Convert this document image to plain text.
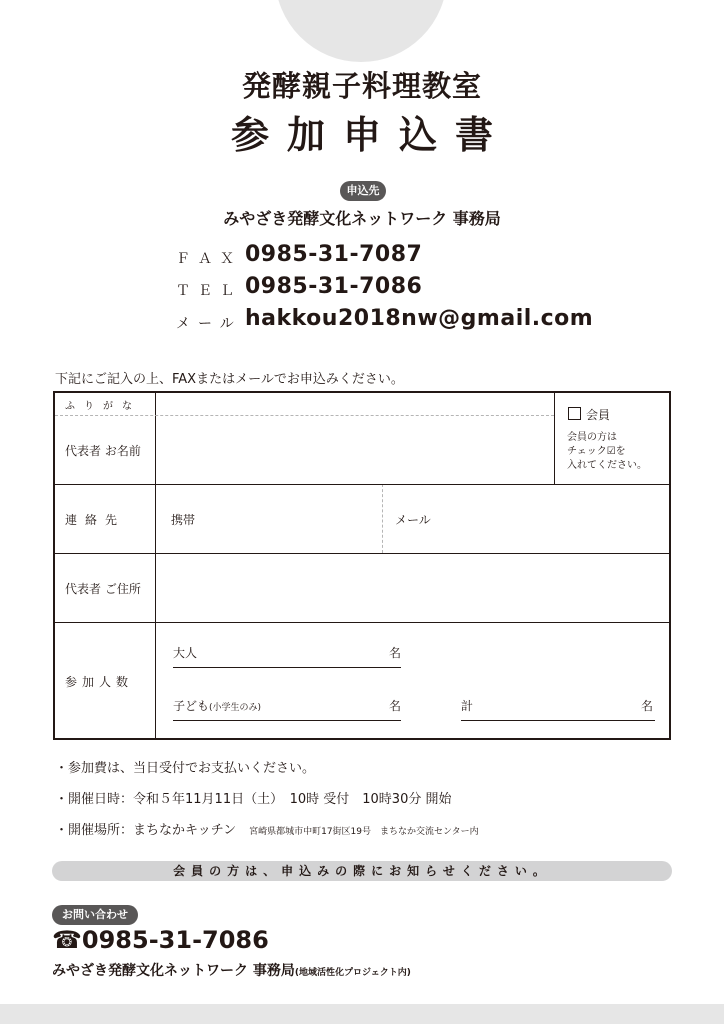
発酵親子料理教室
参加申込書
申込先
みやざき発酵文化ネットワーク 事務局
ＦＡＸ 0985-31-7087
ＴＥＬ 0985-31-7086
メール hakkou2018nw@gmail.com
下記にご記入の上、FAXまたはメールでお申込みください。
ふりがな
代表者 お名前
会員
会員の方は
チェック☑を
入れてください。
連絡先	携帯	メール
代表者 ご住所
参加人数
大人	名
子ども(小学生のみ)	名	計	名
・参加費は、当日受付でお支払いください。
・開催日時：令和５年11月11日（土）　10時 受付　10時30分 開始
・開催場所：まちなかキッチン　 宮崎県都城市中町17街区19号　まちなか交流センター内
会員の方は、申込みの際にお知らせください。
お問い合わせ
☎0985-31-7086
みやざき発酵文化ネットワーク 事務局(地域活性化プロジェクト内)
